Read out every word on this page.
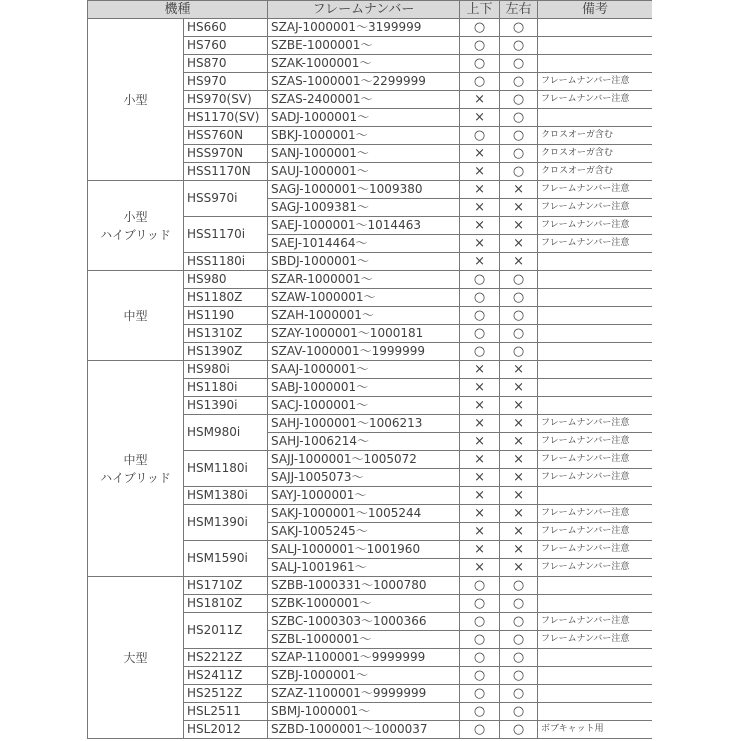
機種		フレームナンバー	上下	左右	備考

小型	HS660	SZAJ-1000001～3199999	○	○	
	HS760	SZBE-1000001～	○	○	
	HS870	SZAK-1000001～	○	○	
	HS970	SZAS-1000001～2299999	○	○	フレームナンバー注意
	HS970(SV)	SZAS-2400001～	×	○	フレームナンバー注意
	HS1170(SV)	SADJ-1000001～	×	○	
	HSS760N	SBKJ-1000001～	○	○	クロスオーガ含む
	HSS970N	SANJ-1000001～	×	○	クロスオーガ含む
	HSS1170N	SAUJ-1000001～	×	○	クロスオーガ含む

小型
ハイブリッド	HSS970i	SAGJ-1000001～1009380	×	×	フレームナンバー注意
		SAGJ-1009381～	×	×	フレームナンバー注意
	HSS1170i	SAEJ-1000001～1014463	×	×	フレームナンバー注意
		SAEJ-1014464～	×	×	フレームナンバー注意
	HSS1180i	SBDJ-1000001～	×	×	

中型	HS980	SZAR-1000001～	○	○	
	HS1180Z	SZAW-1000001～	○	○	
	HS1190	SZAH-1000001～	○	○	
	HS1310Z	SZAY-1000001～1000181	○	○	
	HS1390Z	SZAV-1000001～1999999	○	○	

中型
ハイブリッド	HS980i	SAAJ-1000001～	×	×	
	HS1180i	SABJ-1000001～	×	×	
	HS1390i	SACJ-1000001～	×	×	
	HSM980i	SAHJ-1000001～1006213	×	×	フレームナンバー注意
		SAHJ-1006214～	×	×	フレームナンバー注意
	HSM1180i	SAJJ-1000001～1005072	×	×	フレームナンバー注意
		SAJJ-1005073～	×	×	フレームナンバー注意
	HSM1380i	SAYJ-1000001～	×	×	
	HSM1390i	SAKJ-1000001～1005244	×	×	フレームナンバー注意
		SAKJ-1005245～	×	×	フレームナンバー注意
	HSM1590i	SALJ-1000001～1001960	×	×	フレームナンバー注意
		SALJ-1001961～	×	×	フレームナンバー注意

大型	HS1710Z	SZBB-1000331～1000780	○	○	
	HS1810Z	SZBK-1000001～	○	○	
	HS2011Z	SZBC-1000303～1000366	○	○	フレームナンバー注意
		SZBL-1000001～	○	○	フレームナンバー注意
	HS2212Z	SZAP-1100001～9999999	○	○	
	HS2411Z	SZBJ-1000001～	○	○	
	HS2512Z	SZAZ-1100001～9999999	○	○	
	HSL2511	SBMJ-1000001～	○	○	
	HSL2012	SZBD-1000001～1000037	○	○	ボブキャット用
